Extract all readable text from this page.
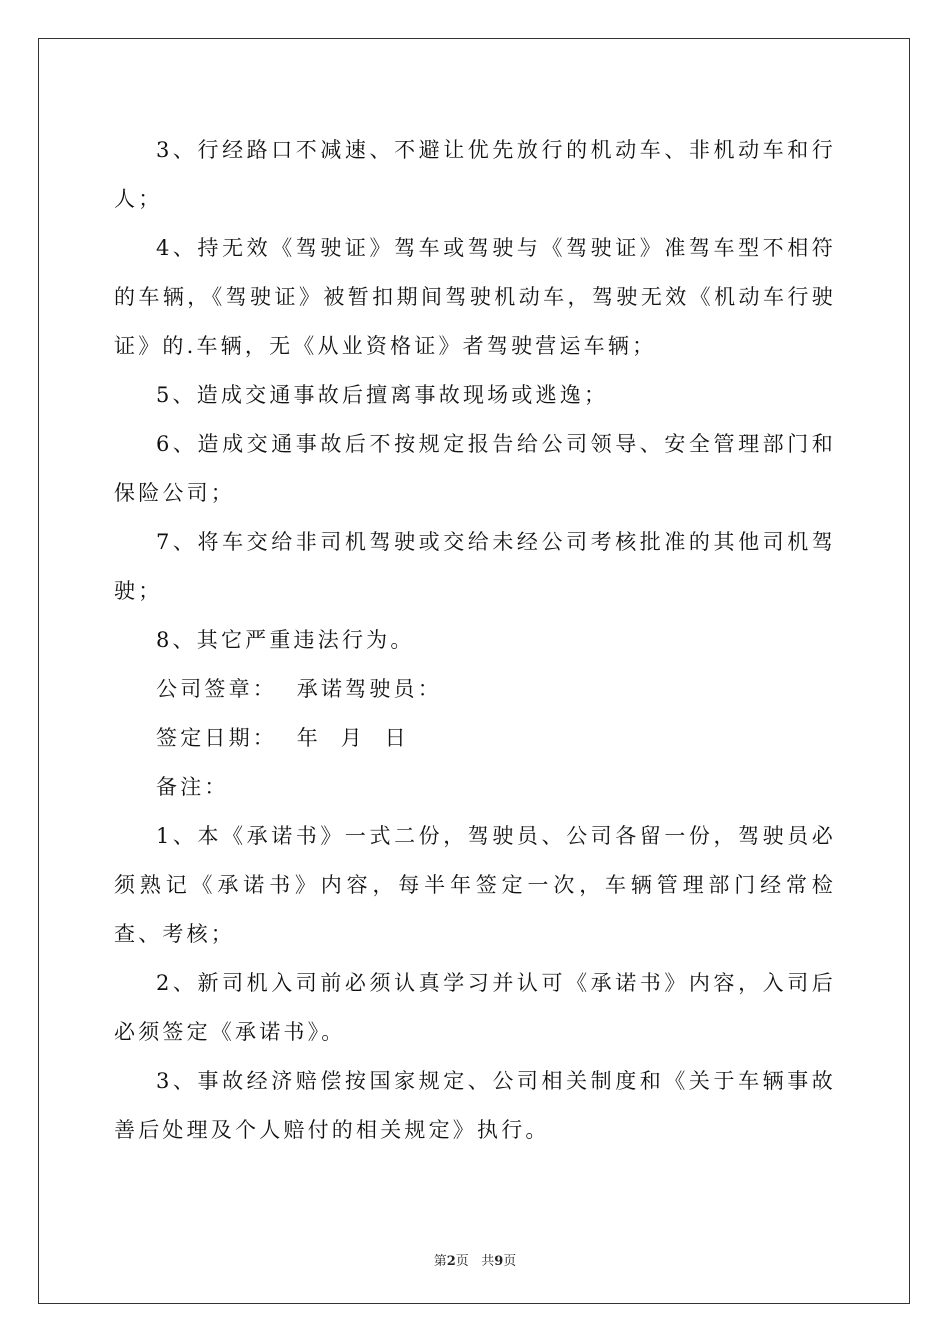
3、行经路口不减速、不避让优先放行的机动车、非机动车和行人；

4、持无效《驾驶证》驾车或驾驶与《驾驶证》准驾车型不相符的车辆，《驾驶证》被暂扣期间驾驶机动车，驾驶无效《机动车行驶证》的.车辆，无《从业资格证》者驾驶营运车辆；

5、造成交通事故后擅离事故现场或逃逸；

6、造成交通事故后不按规定报告给公司领导、安全管理部门和保险公司；

7、将车交给非司机驾驶或交给未经公司考核批准的其他司机驾驶；

8、其它严重违法行为。

公司签章：  承诺驾驶员：

签定日期：  年  月  日

备注：

1、本《承诺书》一式二份，驾驶员、公司各留一份，驾驶员必须熟记《承诺书》内容，每半年签定一次，车辆管理部门经常检查、考核；

2、新司机入司前必须认真学习并认可《承诺书》内容，入司后必须签定《承诺书》。

3、事故经济赔偿按国家规定、公司相关制度和《关于车辆事故善后处理及个人赔付的相关规定》执行。

第2页 共9页
